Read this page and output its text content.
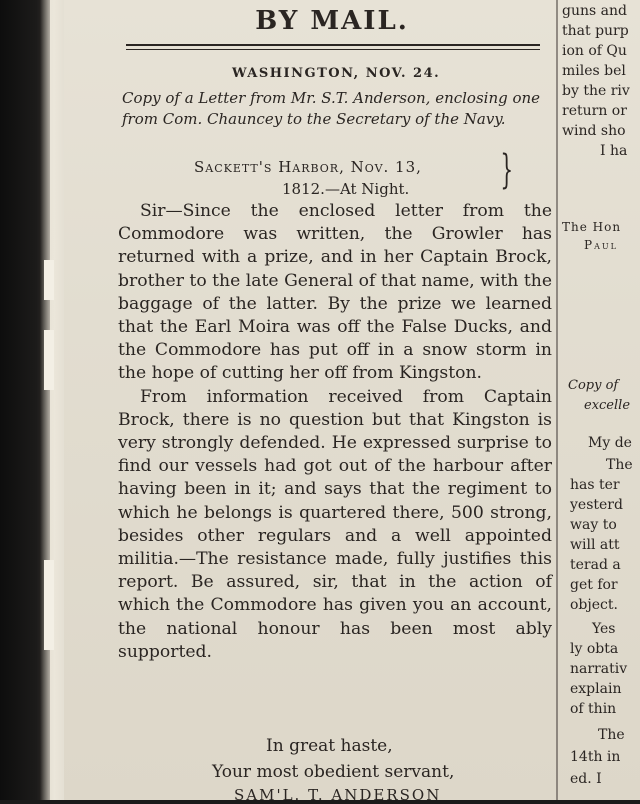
BY MAIL.
WASHINGTON, NOV. 24.
Copy of a Letter from Mr. S.T. Anderson, enclosing one from Com. Chauncey to the Secretary of the Navy.
Sackett's Harbor, Nov. 13,
1812.—At Night. }

Sir—Since the enclosed letter from the Commodore was written, the Growler has returned with a prize, and in her Captain Brock, brother to the late General of that name, with the baggage of the latter. By the prize we learned that the Earl Moira was off the False Ducks, and the Commodore has put off in a snow storm in the hope of cutting her off from Kingston.

From information received from Captain Brock, there is no question but that Kingston is very strongly defended. He expressed surprise to find our vessels had got out of the harbour after having been in it; and says that the regiment to which he belongs is quartered there, 500 strong, besides other regulars and a well appointed militia.—The resistance made, fully justifies this report. Be assured, sir, that in the action of which the Commodore has given you an account, the national honour has been most ably supported.

In great haste,
Your most obedient servant,
SAM'L. T. ANDERSON
guns and
that purp
ion of Qu
miles bel
by the riv
return or
wind sho
I ha
The Hon
Paul
Copy of
excelle
My de
The
has ter
yesterd
way to
will att
terad a
get for
object.
Yes
ly obta
narrativ
explain
of thin
The
14th in
ed. I
